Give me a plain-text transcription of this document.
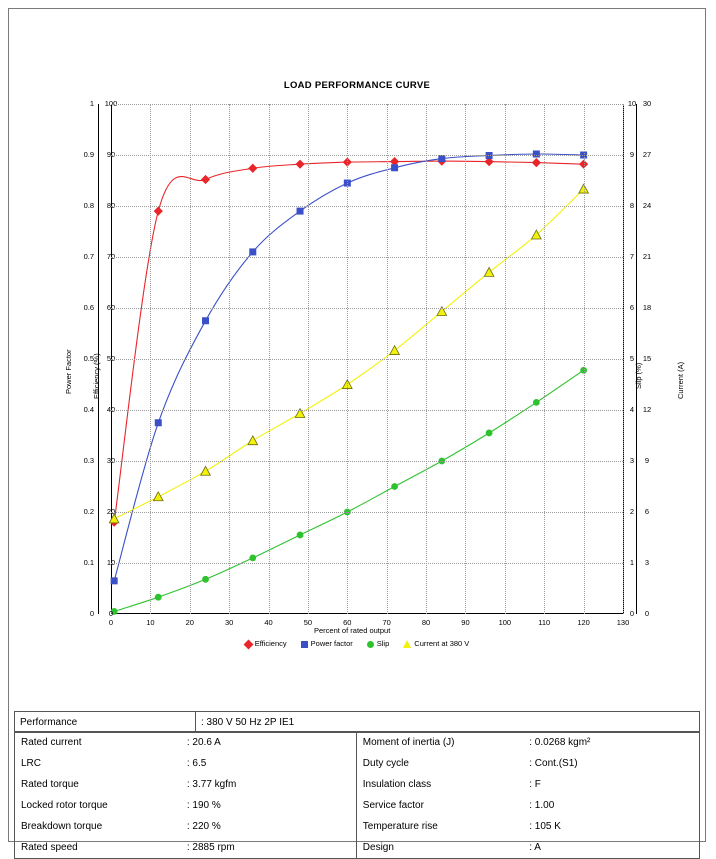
LOAD PERFORMANCE CURVE
0	10	20	30	40	50	60	70	80	90	100	110	120	130
0
0.1
0.2
0.3
0.4
0.5
0.6
0.7
0.8
0.9
1
0
10
20
30
40
50
60
70
80
90
100
0
1
2
3
4
5
6
7
8
9
10
0
3
6
9
12
15
18
21
24
27
30
Power Factor	Efficiency (%)	Slip (%)	Current (A)
Percent of rated output
Efficiency	Power factor	Slip	Current at 380 V
Performance	: 380 V 50 Hz 2P IE1
Rated current	: 20.6 A	Moment of inertia (J)	: 0.0268 kgm²
LRC	: 6.5	Duty cycle	: Cont.(S1)
Rated torque	: 3.77 kgfm	Insulation class	: F
Locked rotor torque	: 190 %	Service factor	: 1.00
Breakdown torque	: 220 %	Temperature rise	: 105 K
Rated speed	: 2885 rpm	Design	: A
